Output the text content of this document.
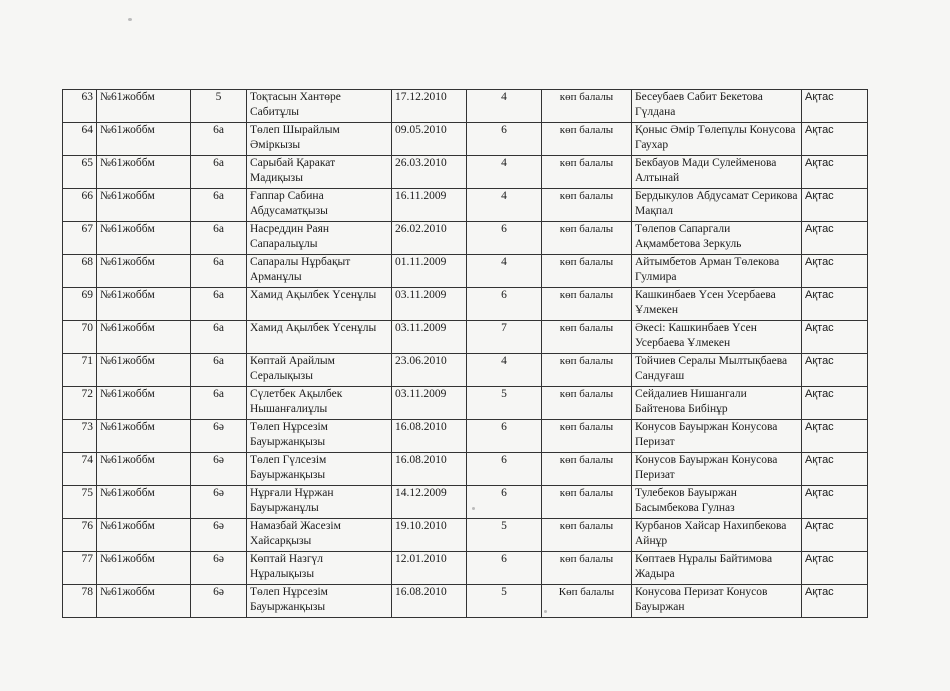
63	№61жоббм	5	Тоқтасын Хантөре Сабитұлы	17.12.2010	4	көп балалы	Бесеубаев Сабит Бекетова Гүлдана	Ақтас
64	№61жоббм	6а	Төлеп Шырайлым Әміркызы	09.05.2010	6	көп балалы	Қоныс Әмір Төлепұлы Конусова Гаухар	Ақтас
65	№61жоббм	6а	Сарыбай Қаракат Мадиқызы	26.03.2010	4	көп балалы	Бекбауов Мади Сулейменова Алтынай	Ақтас
66	№61жоббм	6а	Ғаппар Сабина Абдусаматқызы	16.11.2009	4	көп балалы	Бердыкулов Абдусамат Серикова Мақпал	Ақтас
67	№61жоббм	6а	Насреддин Раян Сапаралыұлы	26.02.2010	6	көп балалы	Төлепов Сапаргали Ақмамбетова Зеркуль	Ақтас
68	№61жоббм	6а	Сапаралы Нұрбақыт Арманұлы	01.11.2009	4	көп балалы	Айтымбетов Арман Төлекова Гулмира	Ақтас
69	№61жоббм	6а	Хамид Ақылбек Үсенұлы	03.11.2009	6	көп балалы	Кашкинбаев Үсен Усербаева Ұлмекен	Ақтас
70	№61жоббм	6а	Хамид Ақылбек Үсенұлы	03.11.2009	7	көп балалы	Әкесі: Кашкинбаев Үсен Усербаева Ұлмекен	Ақтас
71	№61жоббм	6а	Көптай Арайлым Сералықызы	23.06.2010	4	көп балалы	Тойчиев Сералы Мылтықбаева Сандуғаш	Ақтас
72	№61жоббм	6а	Сүлетбек Ақылбек Нышанғалиұлы	03.11.2009	5	көп балалы	Сейдалиев Нишангали Байтенова Бибінұр	Ақтас
73	№61жоббм	6ә	Төлеп Нұрсезім Бауыржанқызы	16.08.2010	6	көп балалы	Конусов Бауыржан Конусова Перизат	Ақтас
74	№61жоббм	6ә	Төлеп Гүлсезім Бауыржанқызы	16.08.2010	6	көп балалы	Конусов Бауыржан Конусова Перизат	Ақтас
75	№61жоббм	6ә	Нұрғали Нұржан Бауыржанұлы	14.12.2009	6	көп балалы	Тулебеков Бауыржан Басымбекова Гулназ	Ақтас
76	№61жоббм	6ә	Намазбай Жасезім Хайсарқызы	19.10.2010	5	көп балалы	Курбанов Хайсар Нахипбекова Айнұр	Ақтас
77	№61жоббм	6ә	Көптай Назгүл Нұралықызы	12.01.2010	6	көп балалы	Көптаев Нұралы Байтимова Жадыра	Ақтас
78	№61жоббм	6ә	Төлеп Нұрсезім Бауыржанқызы	16.08.2010	5	Көп балалы	Конусова Перизат Конусов Бауыржан	Ақтас
